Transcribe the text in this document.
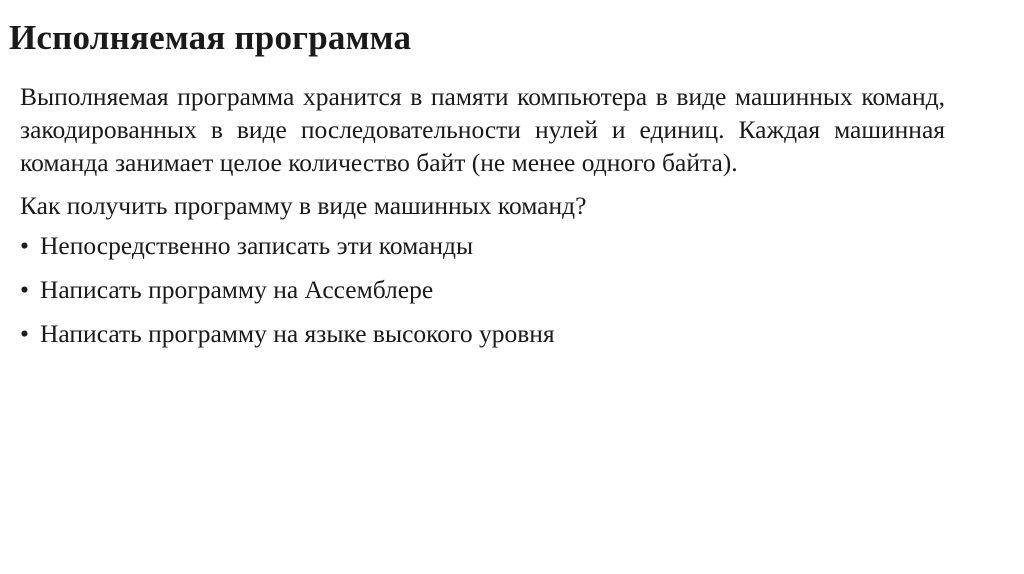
Исполняемая программа

Выполняемая программа хранится в памяти компьютера в виде машинных команд, закодированных в виде последовательности нулей и единиц. Каждая машинная команда занимает целое количество байт (не менее одного байта).

Как получить программу в виде машинных команд?

• Непосредственно записать эти команды
• Написать программу на Ассемблере
• Написать программу на языке высокого уровня
